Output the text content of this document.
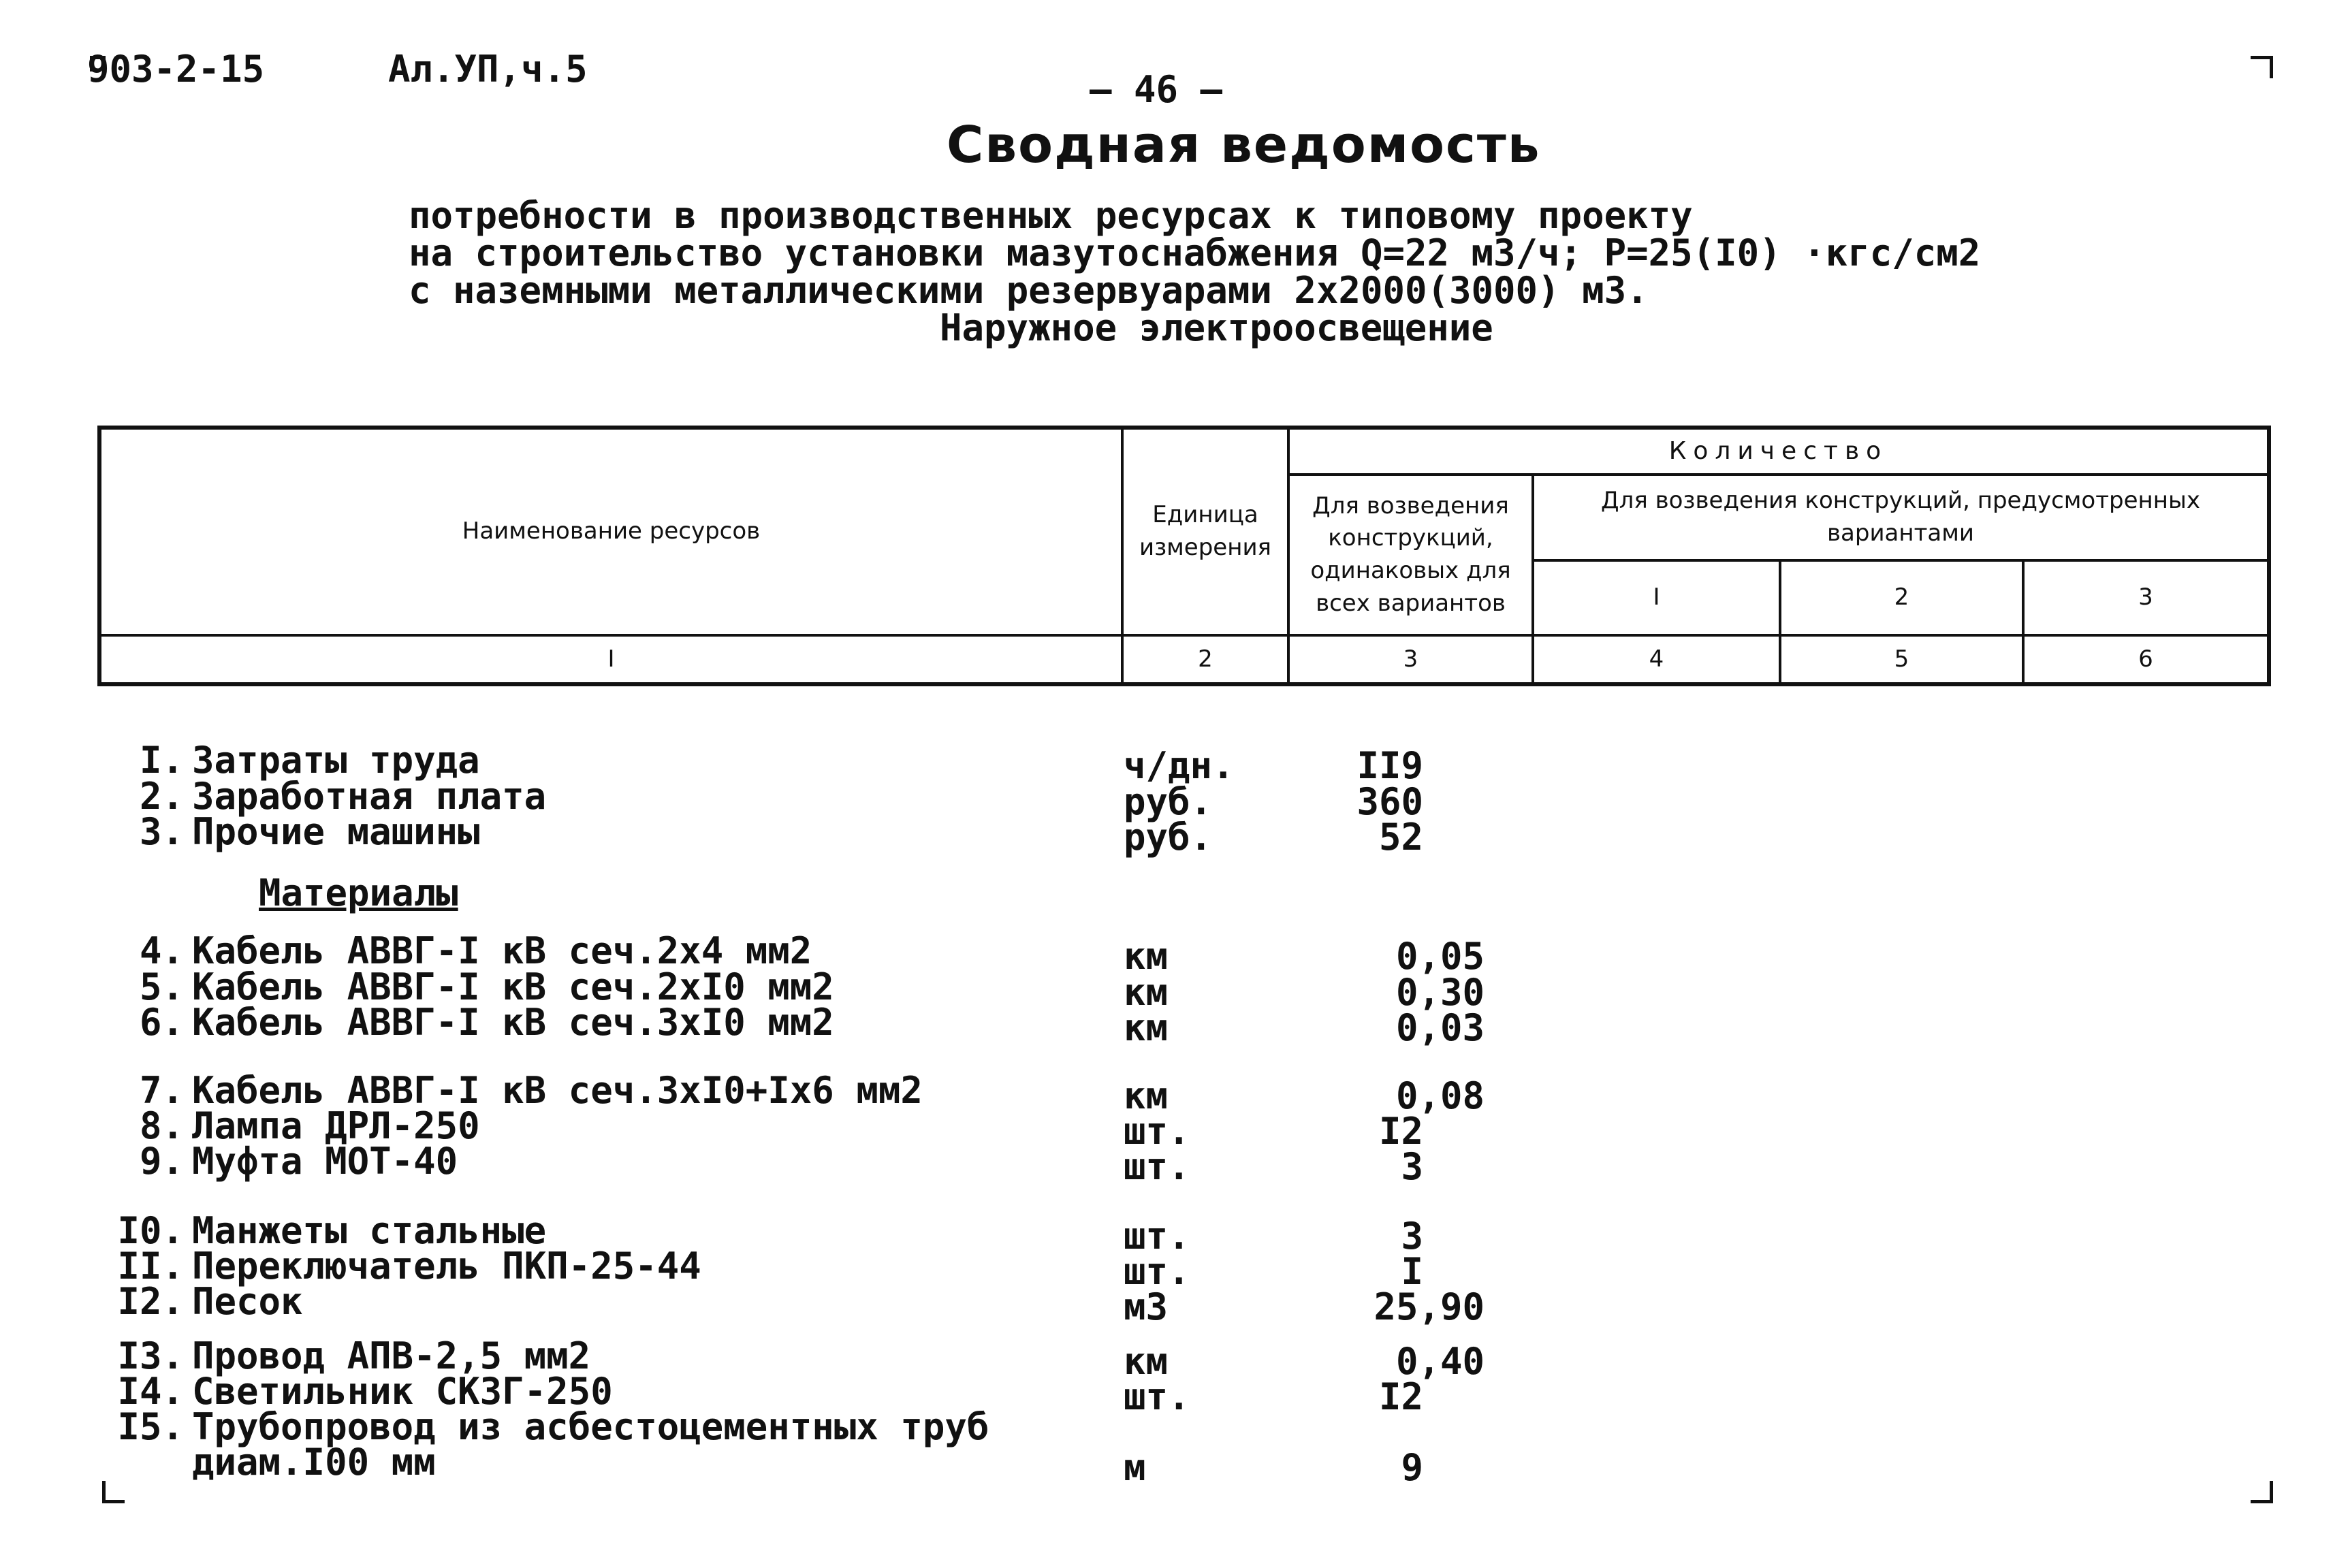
903-2-15	Ал.УП,ч.5	— 46 —
Сводная ведомость
потребности в производственных ресурсах к типовому проекту
на строительство установки мазутоснабжения Q=22 м3/ч; Р=25(I0) ·кгс/см2
с наземными металлическими резервуарами 2х2000(3000) м3.
Наружное электроосвещение
Наименование ресурсов
Единица измерения
Количество
Для возведения конструкций, одинаковых для всех вариантов
Для возведения конструкций, предусмотренных вариантами
I	2	3
I	2	3	4	5	6
Материалы
I. Затраты труда	ч/дн.	II9
2. Заработная плата	руб.	360
3. Прочие машины	руб.	52
4. Кабель АВВГ-I кВ сеч.2х4 мм2	км	0,05
5. Кабель АВВГ-I кВ сеч.2хI0 мм2	км	0,30
6. Кабель АВВГ-I кВ сеч.3хI0 мм2	км	0,03
7. Кабель АВВГ-I кВ сеч.3хI0+Iх6 мм2	км	0,08
8. Лампа ДРЛ-250	шт.	I2
9. Муфта МОТ-40	шт.	3
I0. Манжеты стальные	шт.	3
II. Переключатель ПКП-25-44	шт.	I
I2. Песок	м3	25,90
I3. Провод АПВ-2,5 мм2	км	0,40
I4. Светильник СКЗГ-250	шт.	I2
I5. Трубопровод из асбестоцементных труб
диам.I00 мм	м	9
